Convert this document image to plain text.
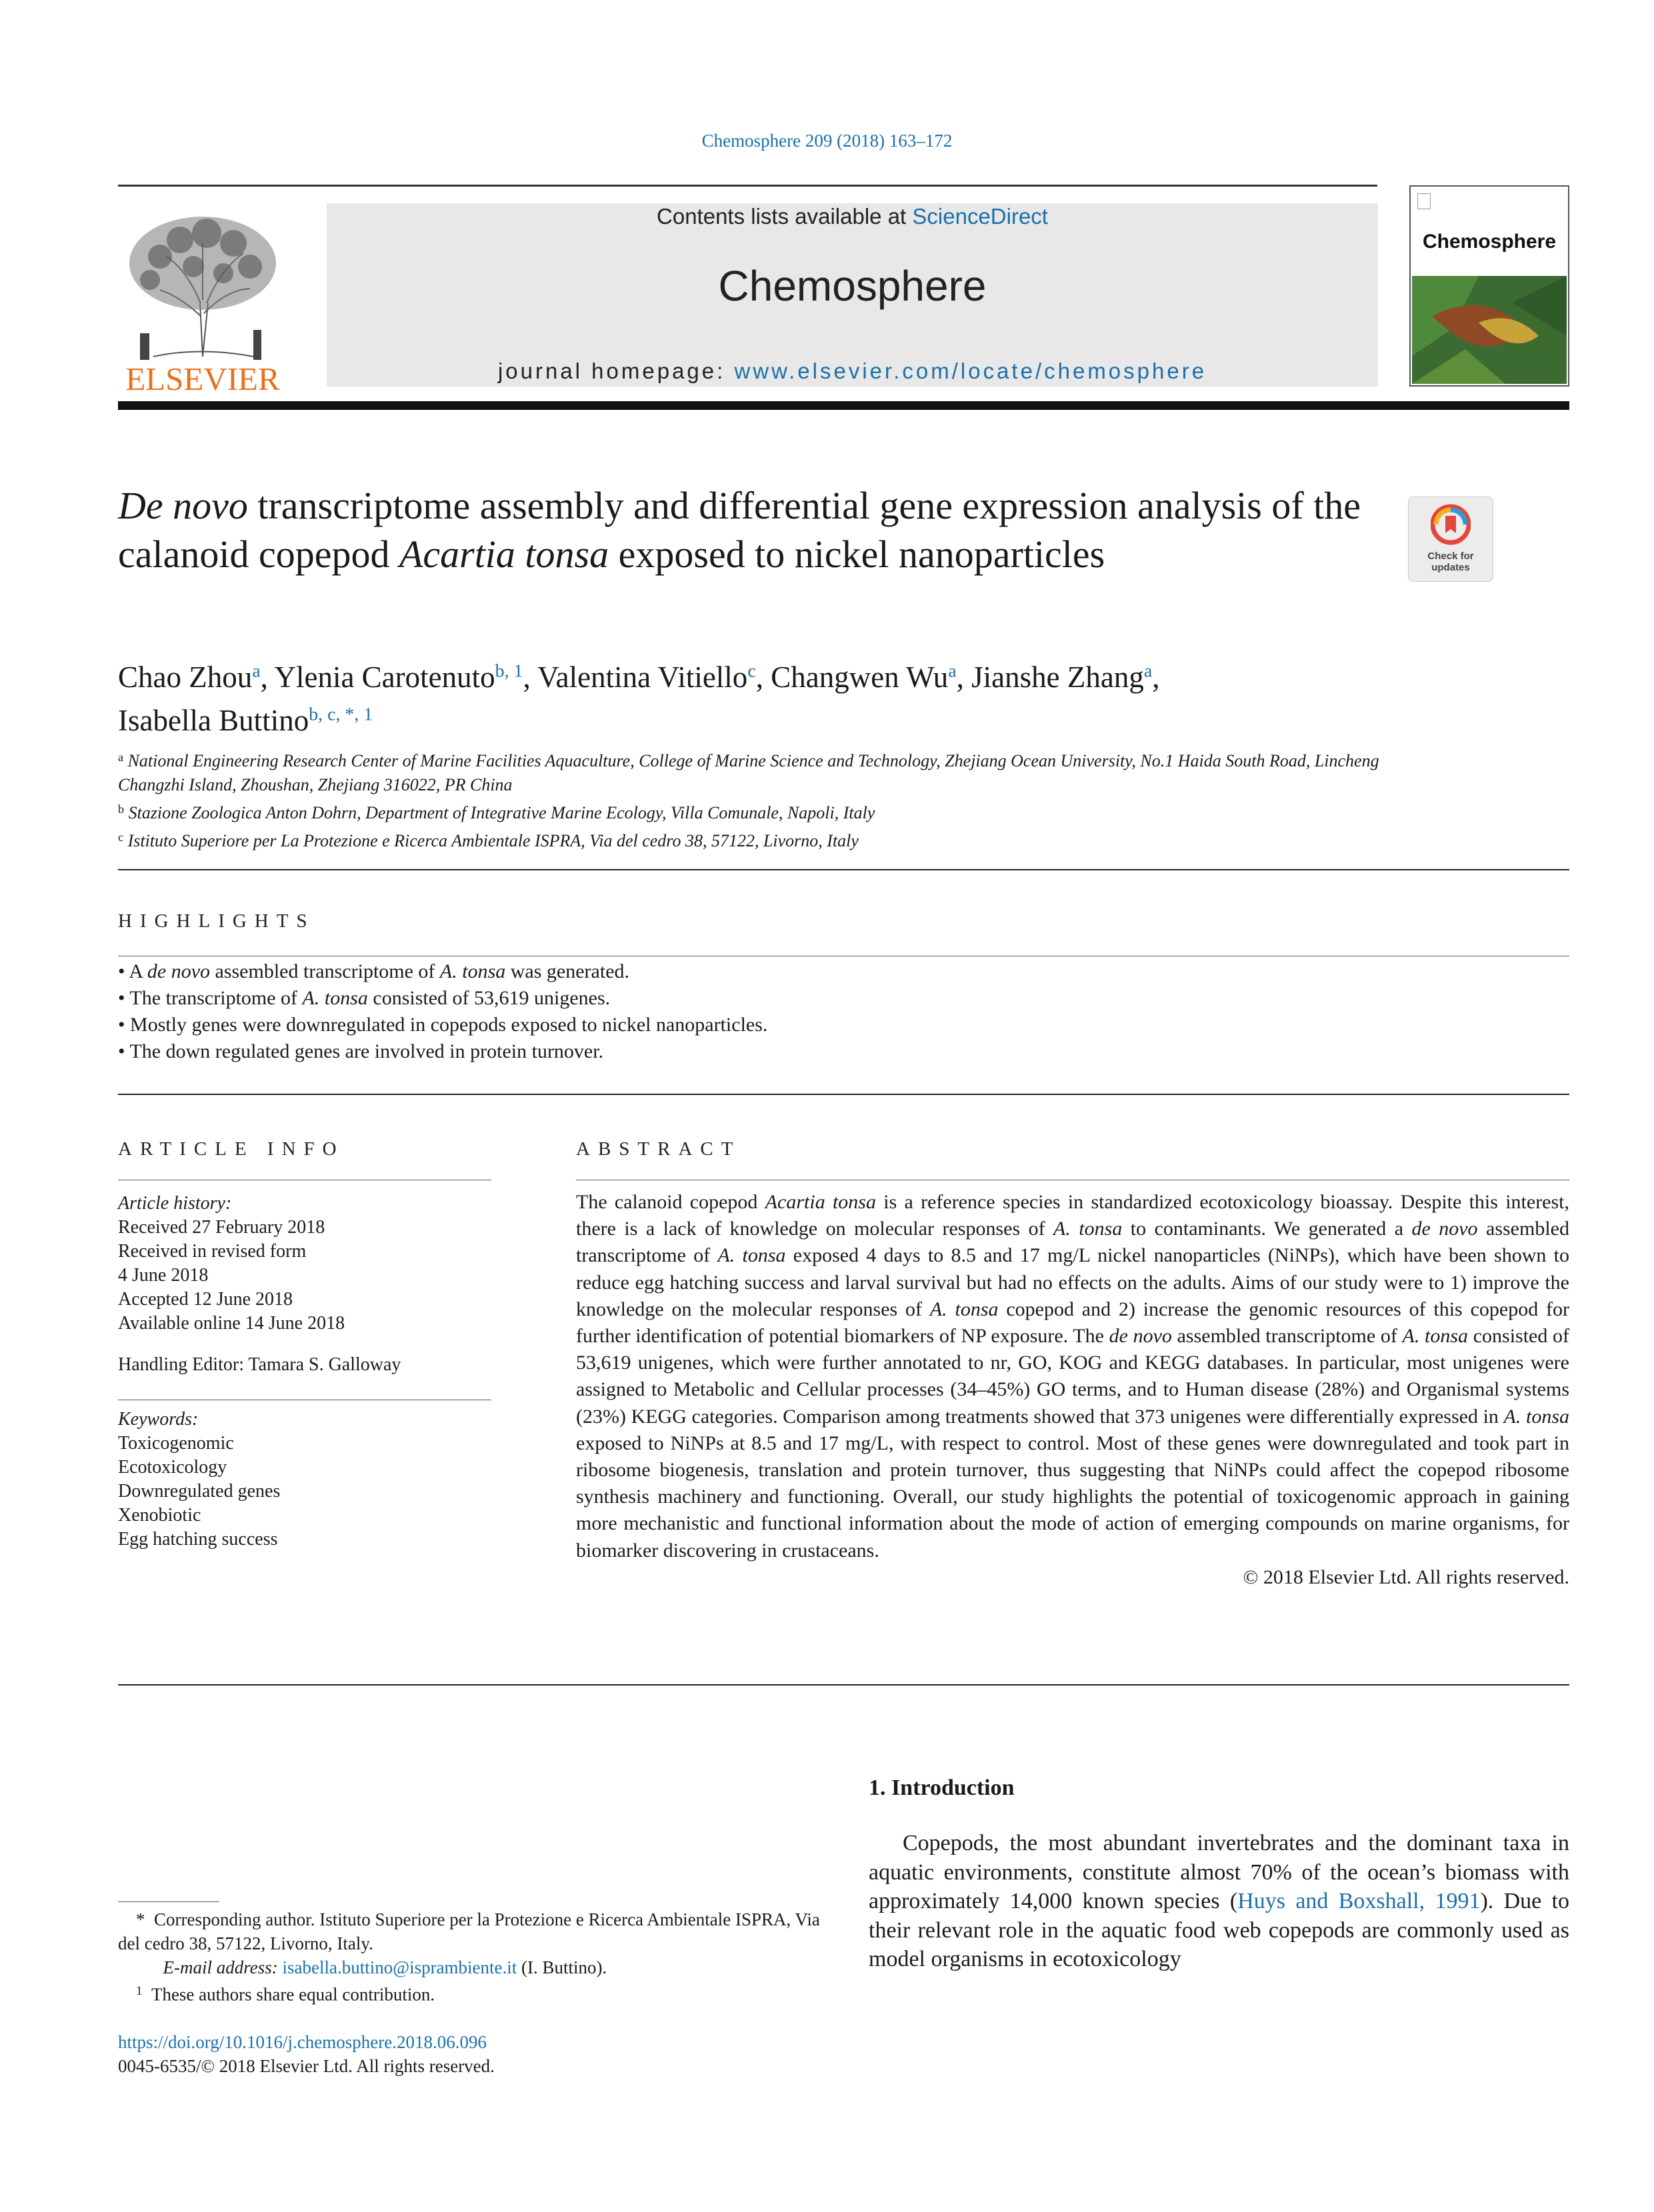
Chemosphere 209 (2018) 163–172
ELSEVIER
Contents lists available at ScienceDirect
Chemosphere
journal homepage: www.elsevier.com/locate/chemosphere
Chemosphere
De novo transcriptome assembly and differential gene expression analysis of the calanoid copepod Acartia tonsa exposed to nickel nanoparticles	Check for updates
Chao Zhou$^a$, Ylenia Carotenuto$^{b, 1}$, Valentina Vitiello$^c$, Changwen Wu$^a$, Jianshe Zhang$^a$,
Isabella Buttino$^{b, c, *, 1}$
$^a$ National Engineering Research Center of Marine Facilities Aquaculture, College of Marine Science and Technology, Zhejiang Ocean University, No.1 Haida South Road, Lincheng Changzhi Island, Zhoushan, Zhejiang 316022, PR China
$^b$ Stazione Zoologica Anton Dohrn, Department of Integrative Marine Ecology, Villa Comunale, Napoli, Italy
$^c$ Istituto Superiore per La Protezione e Ricerca Ambientale ISPRA, Via del cedro 38, 57122, Livorno, Italy
HIGHLIGHTS
• A de novo assembled transcriptome of A. tonsa was generated.
• The transcriptome of A. tonsa consisted of 53,619 unigenes.
• Mostly genes were downregulated in copepods exposed to nickel nanoparticles.
• The down regulated genes are involved in protein turnover.
ARTICLE INFO
Article history:
Received 27 February 2018
Received in revised form
4 June 2018
Accepted 12 June 2018
Available online 14 June 2018
Handling Editor: Tamara S. Galloway
Keywords:
Toxicogenomic
Ecotoxicology
Downregulated genes
Xenobiotic
Egg hatching success
ABSTRACT
The calanoid copepod Acartia tonsa is a reference species in standardized ecotoxicology bioassay. Despite this interest, there is a lack of knowledge on molecular responses of A. tonsa to contaminants. We generated a de novo assembled transcriptome of A. tonsa exposed 4 days to 8.5 and 17 mg/L nickel nanoparticles (NiNPs), which have been shown to reduce egg hatching success and larval survival but had no effects on the adults. Aims of our study were to 1) improve the knowledge on the molecular responses of A. tonsa copepod and 2) increase the genomic resources of this copepod for further identification of potential biomarkers of NP exposure. The de novo assembled transcriptome of A. tonsa consisted of 53,619 unigenes, which were further annotated to nr, GO, KOG and KEGG databases. In particular, most unigenes were assigned to Metabolic and Cellular processes (34–45%) GO terms, and to Human disease (28%) and Organismal systems (23%) KEGG categories. Comparison among treatments showed that 373 unigenes were differentially expressed in A. tonsa exposed to NiNPs at 8.5 and 17 mg/L, with respect to control. Most of these genes were downregulated and took part in ribosome biogenesis, translation and protein turnover, thus suggesting that NiNPs could affect the copepod ribosome synthesis machinery and functioning. Overall, our study highlights the potential of toxicogenomic approach in gaining more mechanistic and functional information about the mode of action of emerging compounds on marine organisms, for biomarker discovering in crustaceans.
© 2018 Elsevier Ltd. All rights reserved.
1. Introduction
  Copepods, the most abundant invertebrates and the dominant taxa in aquatic environments, constitute almost 70% of the ocean’s biomass with approximately 14,000 known species (Huys and Boxshall, 1991). Due to their relevant role in the aquatic food web copepods are commonly used as model organisms in ecotoxicology
  *  Corresponding author. Istituto Superiore per la Protezione e Ricerca Ambientale ISPRA, Via del cedro 38, 57122, Livorno, Italy.
   E-mail address: isabella.buttino@isprambiente.it (I. Buttino).
  $^1$  These authors share equal contribution.
https://doi.org/10.1016/j.chemosphere.2018.06.096
0045-6535/© 2018 Elsevier Ltd. All rights reserved.
